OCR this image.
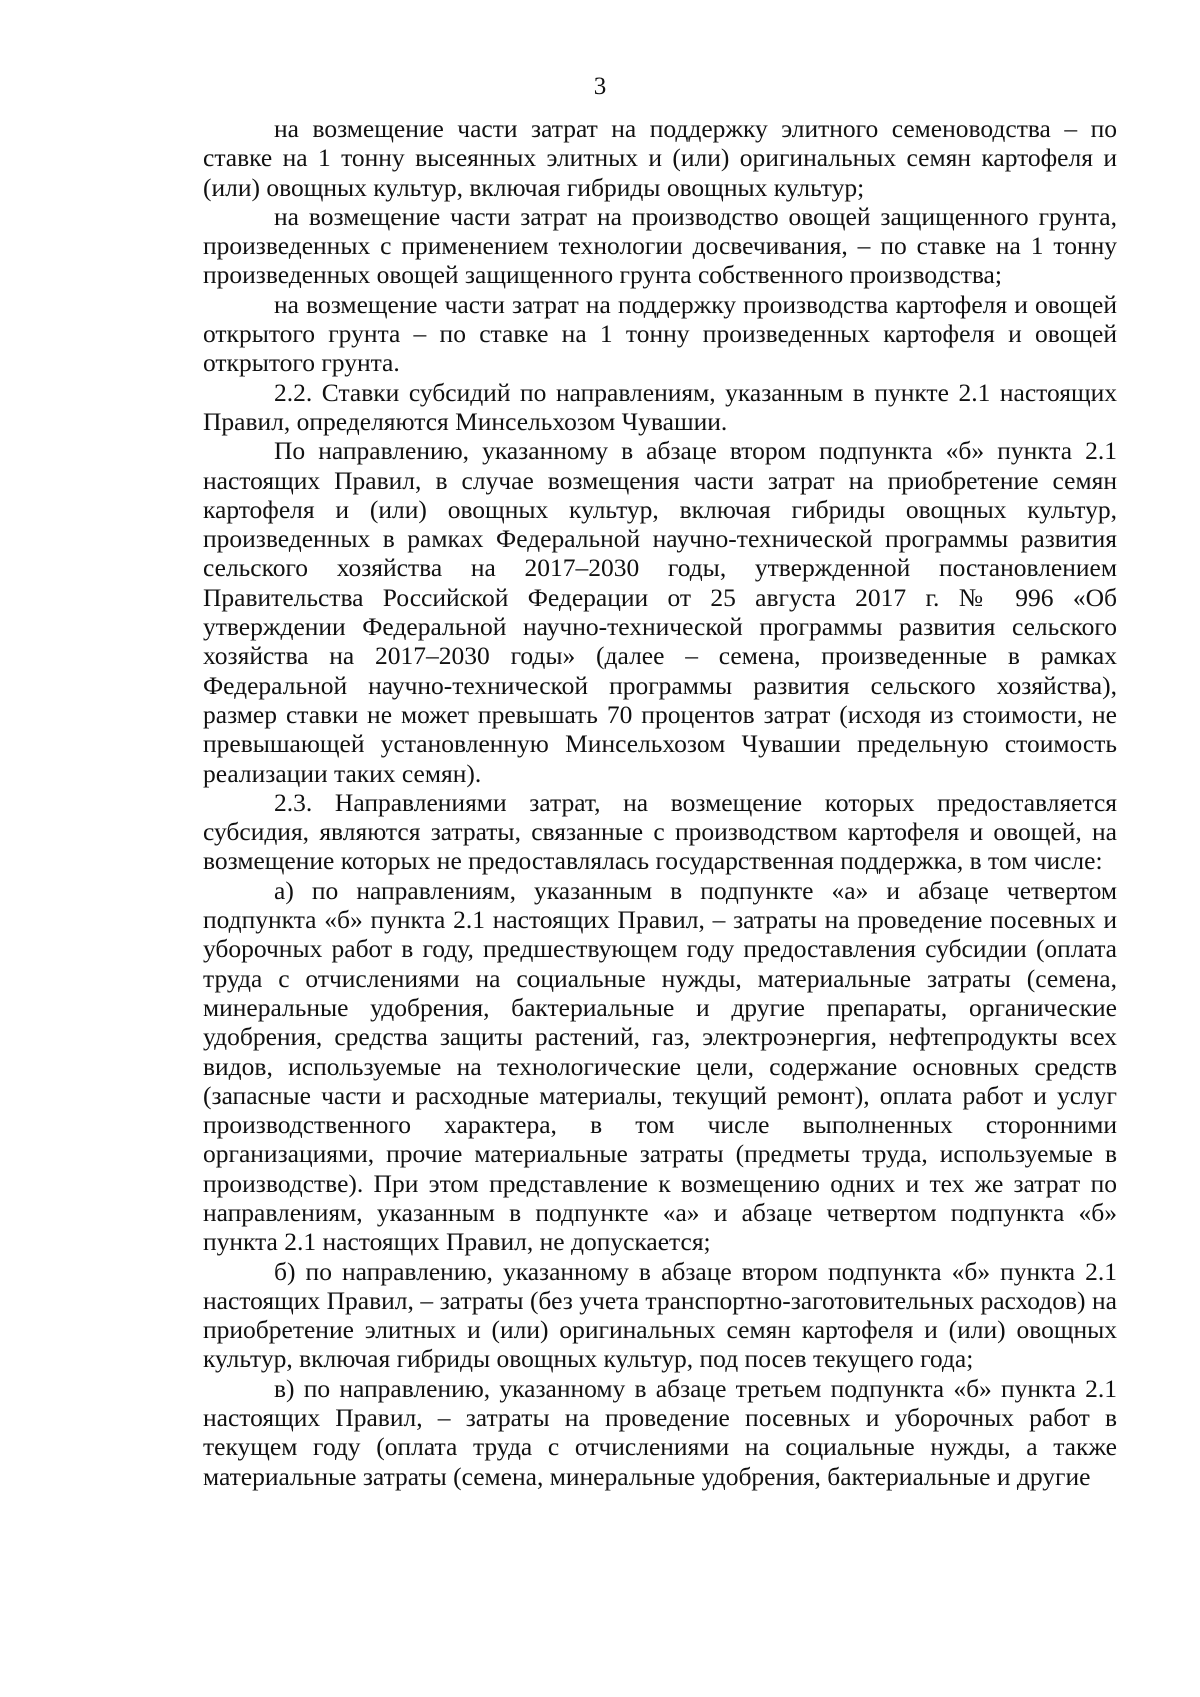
3

на возмещение части затрат на поддержку элитного семеноводства – по ставке на 1 тонну высеянных элитных и (или) оригинальных семян картофеля и (или) овощных культур, включая гибриды овощных культур;

на возмещение части затрат на производство овощей защищенного грунта, произведенных с применением технологии досвечивания, – по ставке на 1 тонну произведенных овощей защищенного грунта собственного производства;

на возмещение части затрат на поддержку производства картофеля и овощей открытого грунта – по ставке на 1 тонну произведенных картофеля и овощей открытого грунта.

2.2. Ставки субсидий по направлениям, указанным в пункте 2.1 настоящих Правил, определяются Минсельхозом Чувашии.

По направлению, указанному в абзаце втором подпункта «б» пункта 2.1 настоящих Правил, в случае возмещения части затрат на приобретение семян картофеля и (или) овощных культур, включая гибриды овощных культур, произведенных в рамках Федеральной научно-технической программы развития сельского хозяйства на 2017–2030 годы, утвержденной постановлением Правительства Российской Федерации от 25 августа 2017 г. № 996 «Об утверждении Федеральной научно-технической программы развития сельского хозяйства на 2017–2030 годы» (далее – семена, произведенные в рамках Федеральной научно-технической программы развития сельского хозяйства), размер ставки не может превышать 70 процентов затрат (исходя из стоимости, не превышающей установленную Минсельхозом Чувашии предельную стоимость реализации таких семян).

2.3. Направлениями затрат, на возмещение которых предоставляется субсидия, являются затраты, связанные с производством картофеля и овощей, на возмещение которых не предоставлялась государственная поддержка, в том числе:

а) по направлениям, указанным в подпункте «а» и абзаце четвертом подпункта «б» пункта 2.1 настоящих Правил, – затраты на проведение посевных и уборочных работ в году, предшествующем году предоставления субсидии (оплата труда с отчислениями на социальные нужды, материальные затраты (семена, минеральные удобрения, бактериальные и другие препараты, органические удобрения, средства защиты растений, газ, электроэнергия, нефтепродукты всех видов, используемые на технологические цели, содержание основных средств (запасные части и расходные материалы, текущий ремонт), оплата работ и услуг производственного характера, в том числе выполненных сторонними организациями, прочие материальные затраты (предметы труда, используемые в производстве). При этом представление к возмещению одних и тех же затрат по направлениям, указанным в подпункте «а» и абзаце четвертом подпункта «б» пункта 2.1 настоящих Правил, не допускается;

б) по направлению, указанному в абзаце втором подпункта «б» пункта 2.1 настоящих Правил, – затраты (без учета транспортно-заготовительных расходов) на приобретение элитных и (или) оригинальных семян картофеля и (или) овощных культур, включая гибриды овощных культур, под посев текущего года;

в) по направлению, указанному в абзаце третьем подпункта «б» пункта 2.1 настоящих Правил, – затраты на проведение посевных и уборочных работ в текущем году (оплата труда с отчислениями на социальные нужды, а также материальные затраты (семена, минеральные удобрения, бактериальные и другие
